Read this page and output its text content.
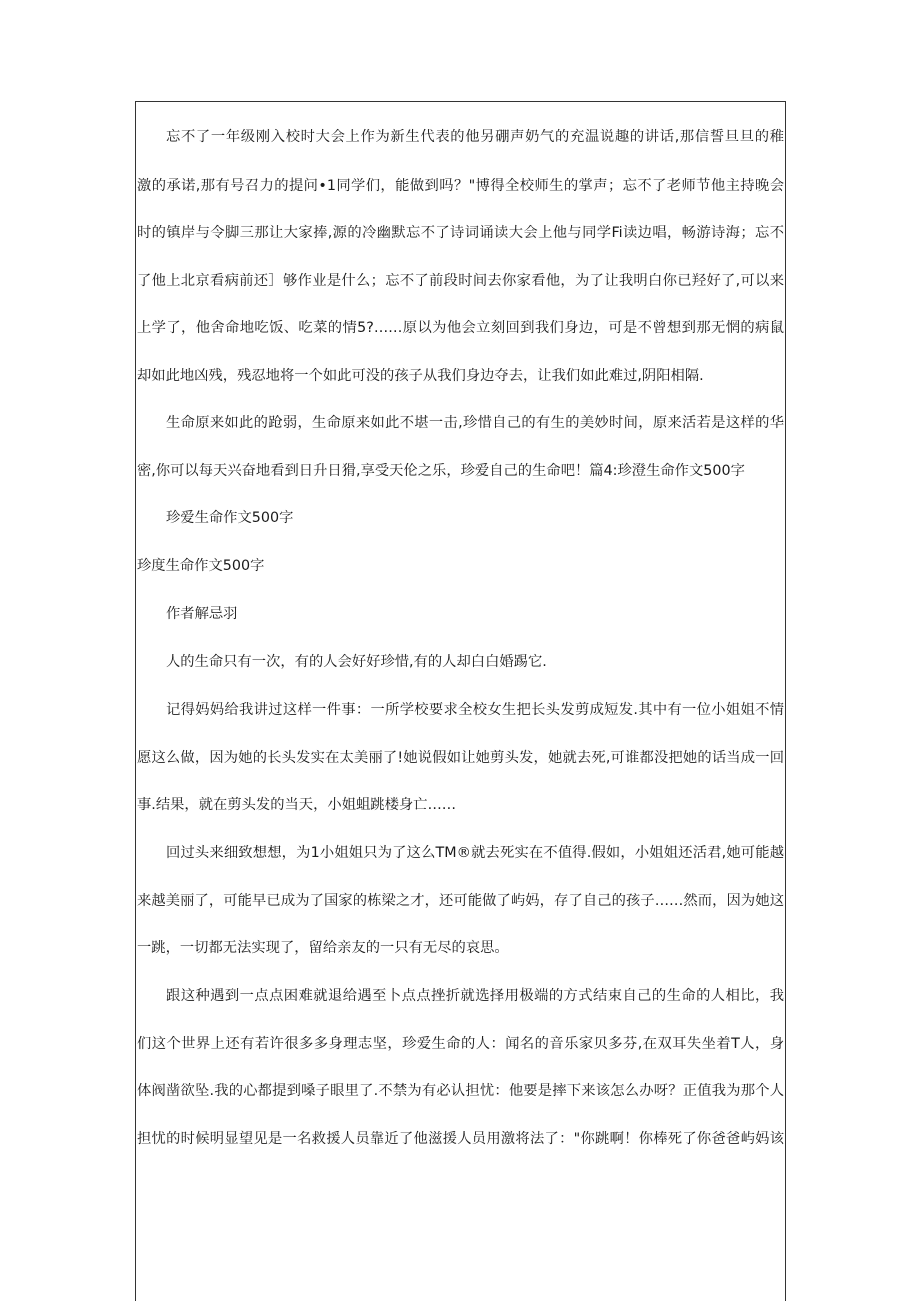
忘不了一年级刚入校时大会上作为新生代表的他另硼声奶气的充温说趣的讲话,那信誓旦旦的稚
激的承诺,那有号召力的提问•1同学们，能做到吗？"博得全校师生的掌声；忘不了老师节他主持晚会
时的镇岸与令脚三那让大家捧,源的冷幽默忘不了诗词诵读大会上他与同学Fi读边唱，畅游诗海；忘不
了他上北京看病前还］够作业是什么；忘不了前段时间去你家看他，为了让我明白你已羟好了,可以来
上学了，他舍命地吃饭、吃菜的情5?……原以为他会立刻回到我们身边，可是不曾想到那无惘的病鼠
却如此地凶残，残忍地将一个如此可没的孩子从我们身边夺去，让我们如此难过,阴阳相隔.
生命原来如此的跄弱，生命原来如此不堪一击,珍惜自己的有生的美妙时间，原来活若是这样的华
密,你可以每天兴奋地看到日升日猾,享受天伦之乐，珍爱自己的生命吧！篇4:珍澄生命作文500字
珍爱生命作文500字
珍度生命作文500字
作者解忌羽
人的生命只有一次，有的人会好好珍惜,有的人却白白婚踢它.
记得妈妈给我讲过这样一件事：一所学校要求全校女生把长头发剪成短发.其中有一位小姐姐不情
愿这么做，因为她的长头发实在太美丽了!她说假如让她剪头发，她就去死,可谁都没把她的话当成一回
事.结果，就在剪头发的当天，小姐蛆跳楼身亡……
回过头来细致想想，为1小姐姐只为了这么TM®就去死实在不值得.假如，小姐姐还活君,她可能越
来越美丽了，可能早已成为了国家的栋梁之才，还可能做了屿妈，存了自己的孩子……然而，因为她这
一跳，一切都无法实现了，留给亲友的一只有无尽的哀思。
跟这种遇到一点点困难就退给遇至卜点点挫折就选择用极端的方式结束自己的生命的人相比，我
们这个世界上还有若许很多多身理志坚，珍爱生命的人：闻名的音乐家贝多芬,在双耳失坐着T人，身
体阀凿欲坠.我的心都提到嗓子眼里了.不禁为有必认担忧：他要是摔下来该怎么办呀？正值我为那个人
担忧的时候明显望见是一名救援人员靠近了他滋援人员用激将法了："你跳啊！你棒死了你爸爸屿妈该
